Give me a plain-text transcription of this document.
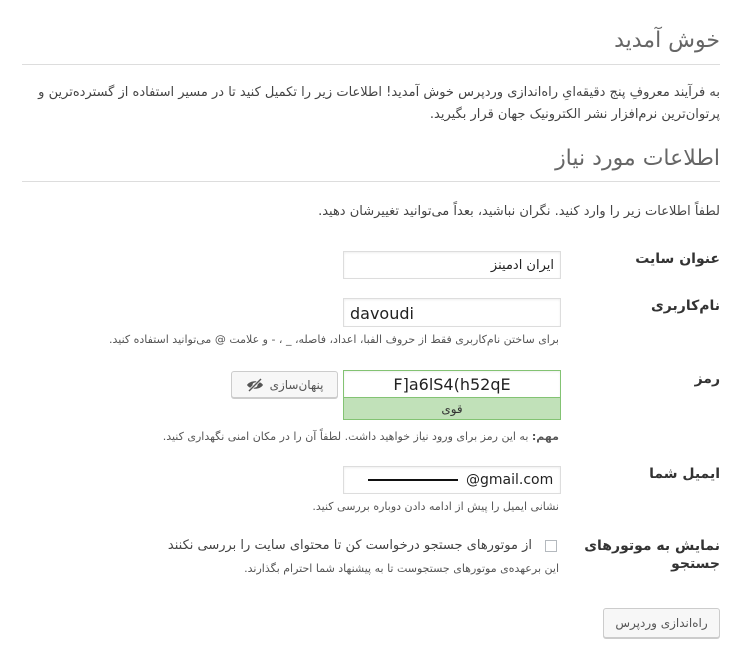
خوش آمدید
به فرآیند معروفِ پنج دقیقه‌ایِ راه‌اندازی وردپرس خوش آمدید! اطلاعات زیر را تکمیل کنید تا در مسیر استفاده از گسترده‌ترین و پرتوان‌ترین نرم‌افزار نشر الکترونیک جهان قرار بگیرید.
اطلاعات مورد نیاز
لطفاً اطلاعات زیر را وارد کنید. نگران نباشید، بعداً می‌توانید تغییرشان دهید.
عنوان سایت
ایران ادمینز
نام‌کاربری
davoudi
برای ساختن نام‌کاربری فقط از حروف الفبا، اعداد، فاصله، _ ، - و علامت @ می‌توانید استفاده کنید.
رمز
F]a6lS4(h52qE
قوی
پنهان‌سازی
مهم: به این رمز برای ورود نیاز خواهید داشت. لطفاً آن را در مکان امنی نگهداری کنید.
ایمیل شما
@gmail.com
نشانی ایمیل را پیش از ادامه دادن دوباره بررسی کنید.
نمایش به موتورهای جستجو
از موتورهای جستجو درخواست کن تا محتوای سایت را بررسی نکنند
این برعهده‌ی موتورهای جستجوست تا به پیشنهاد شما احترام بگذارند.
راه‌اندازی وردپرس
